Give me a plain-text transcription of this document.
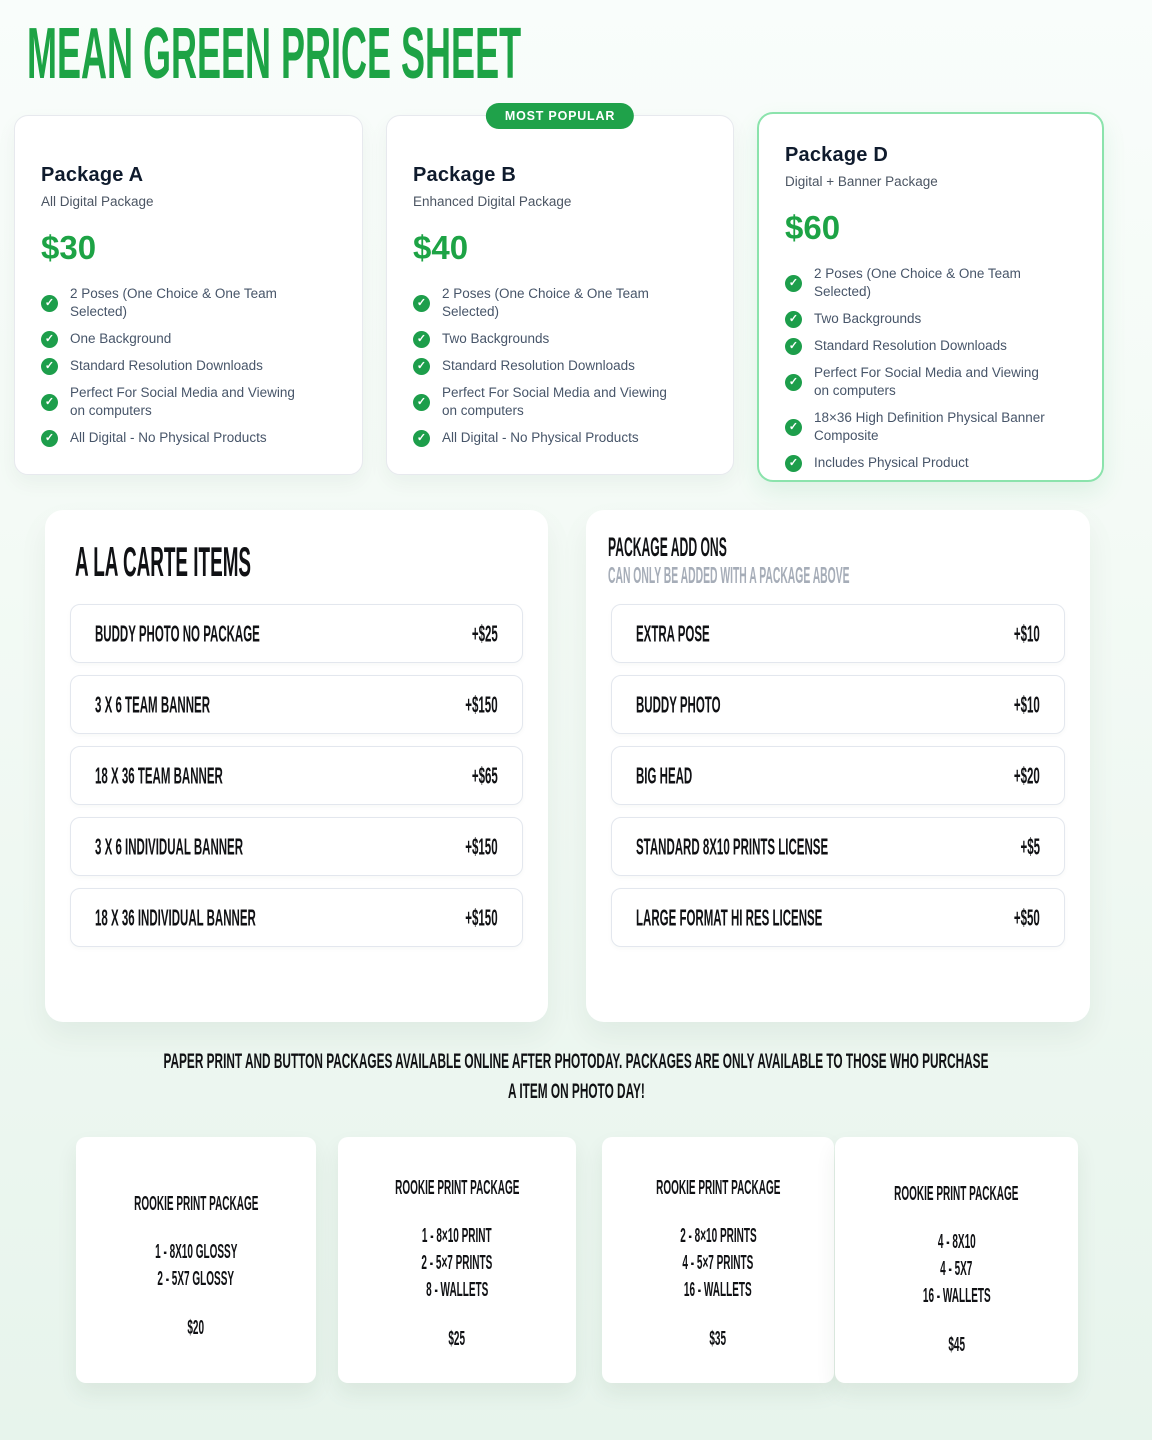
MEAN GREEN PRICE SHEET
Package A
All Digital Package
$30
✓
2 Poses (One Choice & One Team Selected)
✓ One Background
✓ Standard Resolution Downloads
✓
Perfect For Social Media and Viewing on computers
✓ All Digital - No Physical Products
MOST POPULAR
Package B
Enhanced Digital Package
$40
✓
2 Poses (One Choice & One Team Selected)
✓ Two Backgrounds
✓ Standard Resolution Downloads
✓
Perfect For Social Media and Viewing on computers
✓ All Digital - No Physical Products
Package D
Digital + Banner Package
$60
✓
2 Poses (One Choice & One Team Selected)
✓ Two Backgrounds
✓ Standard Resolution Downloads
✓
Perfect For Social Media and Viewing on computers
✓
18×36 High Definition Physical Banner Composite
✓ Includes Physical Product
A LA CARTE ITEMS
BUDDY PHOTO NO PACKAGE	+$25
3 X 6 TEAM BANNER	+$150
18 X 36 TEAM BANNER	+$65
3 X 6 INDIVIDUAL BANNER	+$150
18 X 36 INDIVIDUAL BANNER	+$150
PACKAGE ADD ONS
CAN ONLY BE ADDED WITH A PACKAGE ABOVE
EXTRA POSE	+$10
BUDDY PHOTO	+$10
BIG HEAD	+$20
STANDARD 8X10 PRINTS LICENSE	+$5
LARGE FORMAT HI RES LICENSE	+$50
PAPER PRINT AND BUTTON PACKAGES AVAILABLE ONLINE AFTER PHOTODAY. PACKAGES ARE ONLY AVAILABLE TO THOSE WHO PURCHASE
A ITEM ON PHOTO DAY!
ROOKIE PRINT PACKAGE
1 - 8X10 GLOSSY
2 - 5X7 GLOSSY
$20
ROOKIE PRINT PACKAGE
1 - 8×10 PRINT
2 - 5×7 PRINTS
8 - WALLETS
$25
ROOKIE PRINT PACKAGE
2 - 8×10 PRINTS
4 - 5×7 PRINTS
16 - WALLETS
$35
ROOKIE PRINT PACKAGE
4 - 8X10
4 - 5X7
16 - WALLETS
$45
